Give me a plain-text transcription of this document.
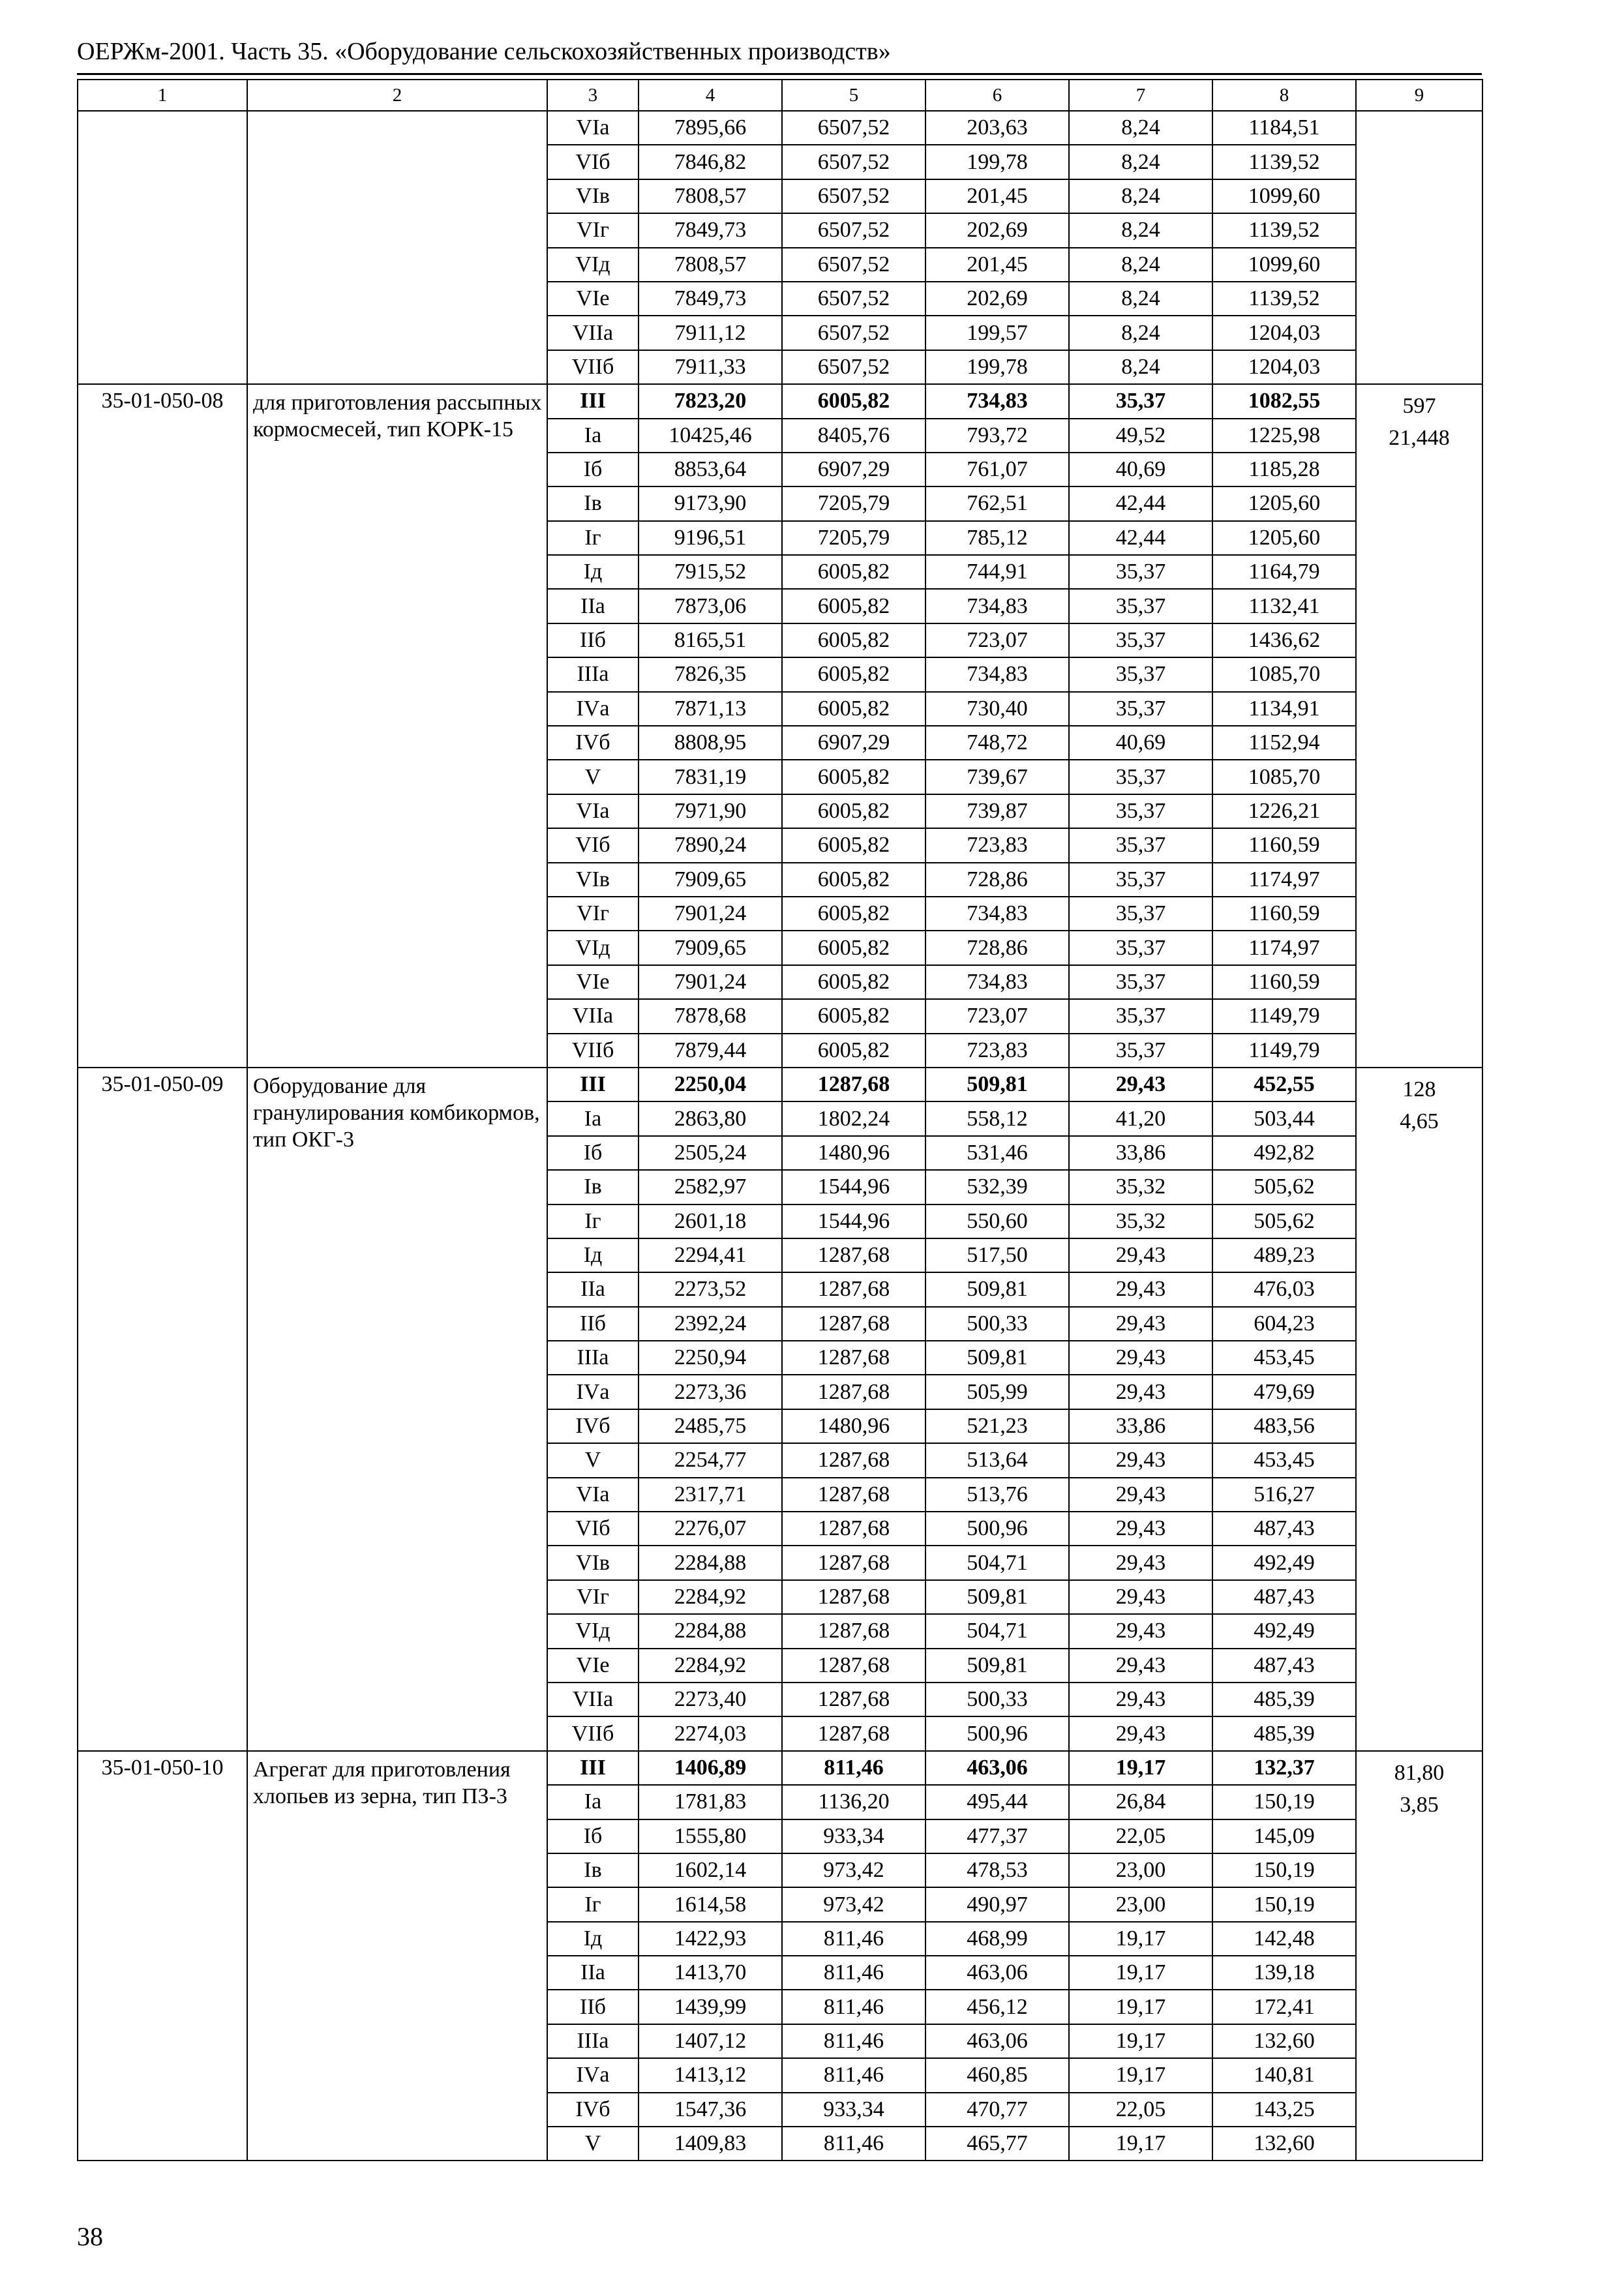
ОЕРЖм-2001. Часть 35. «Оборудование сельскохозяйственных производств»
1	2	3	4	5	6	7	8	9
		VIа	7895,66	6507,52	203,63	8,24	1184,51	
		VIб	7846,82	6507,52	199,78	8,24	1139,52	
		VIв	7808,57	6507,52	201,45	8,24	1099,60	
		VIг	7849,73	6507,52	202,69	8,24	1139,52	
		VIд	7808,57	6507,52	201,45	8,24	1099,60	
		VIе	7849,73	6507,52	202,69	8,24	1139,52	
		VIIа	7911,12	6507,52	199,57	8,24	1204,03	
		VIIб	7911,33	6507,52	199,78	8,24	1204,03	
35-01-050-08	для приготовления рассыпных кормосмесей, тип КОРК-15	III	7823,20	6005,82	734,83	35,37	1082,55	597
21,448

		Iа	10425,46	8405,76	793,72	49,52	1225,98	
		Iб	8853,64	6907,29	761,07	40,69	1185,28	
		Iв	9173,90	7205,79	762,51	42,44	1205,60	
		Iг	9196,51	7205,79	785,12	42,44	1205,60	
		Iд	7915,52	6005,82	744,91	35,37	1164,79	
		IIа	7873,06	6005,82	734,83	35,37	1132,41	
		IIб	8165,51	6005,82	723,07	35,37	1436,62	
		IIIа	7826,35	6005,82	734,83	35,37	1085,70	
		IVа	7871,13	6005,82	730,40	35,37	1134,91	
		IVб	8808,95	6907,29	748,72	40,69	1152,94	
		V	7831,19	6005,82	739,67	35,37	1085,70	
		VIа	7971,90	6005,82	739,87	35,37	1226,21	
		VIб	7890,24	6005,82	723,83	35,37	1160,59	
		VIв	7909,65	6005,82	728,86	35,37	1174,97	
		VIг	7901,24	6005,82	734,83	35,37	1160,59	
		VIд	7909,65	6005,82	728,86	35,37	1174,97	
		VIе	7901,24	6005,82	734,83	35,37	1160,59	
		VIIа	7878,68	6005,82	723,07	35,37	1149,79	
		VIIб	7879,44	6005,82	723,83	35,37	1149,79	
35-01-050-09	Оборудование для гранулирования комбикормов, тип ОКГ-3	III	2250,04	1287,68	509,81	29,43	452,55	128
4,65

		Iа	2863,80	1802,24	558,12	41,20	503,44	
		Iб	2505,24	1480,96	531,46	33,86	492,82	
		Iв	2582,97	1544,96	532,39	35,32	505,62	
		Iг	2601,18	1544,96	550,60	35,32	505,62	
		Iд	2294,41	1287,68	517,50	29,43	489,23	
		IIа	2273,52	1287,68	509,81	29,43	476,03	
		IIб	2392,24	1287,68	500,33	29,43	604,23	
		IIIа	2250,94	1287,68	509,81	29,43	453,45	
		IVа	2273,36	1287,68	505,99	29,43	479,69	
		IVб	2485,75	1480,96	521,23	33,86	483,56	
		V	2254,77	1287,68	513,64	29,43	453,45	
		VIа	2317,71	1287,68	513,76	29,43	516,27	
		VIб	2276,07	1287,68	500,96	29,43	487,43	
		VIв	2284,88	1287,68	504,71	29,43	492,49	
		VIг	2284,92	1287,68	509,81	29,43	487,43	
		VIд	2284,88	1287,68	504,71	29,43	492,49	
		VIе	2284,92	1287,68	509,81	29,43	487,43	
		VIIа	2273,40	1287,68	500,33	29,43	485,39	
		VIIб	2274,03	1287,68	500,96	29,43	485,39	
35-01-050-10	Агрегат для приготовления хлопьев из зерна, тип ПЗ-3	III	1406,89	811,46	463,06	19,17	132,37	81,80
3,85

		Iа	1781,83	1136,20	495,44	26,84	150,19	
		Iб	1555,80	933,34	477,37	22,05	145,09	
		Iв	1602,14	973,42	478,53	23,00	150,19	
		Iг	1614,58	973,42	490,97	23,00	150,19	
		Iд	1422,93	811,46	468,99	19,17	142,48	
		IIа	1413,70	811,46	463,06	19,17	139,18	
		IIб	1439,99	811,46	456,12	19,17	172,41	
		IIIа	1407,12	811,46	463,06	19,17	132,60	
		IVа	1413,12	811,46	460,85	19,17	140,81	
		IVб	1547,36	933,34	470,77	22,05	143,25	
		V	1409,83	811,46	465,77	19,17	132,60	
38
